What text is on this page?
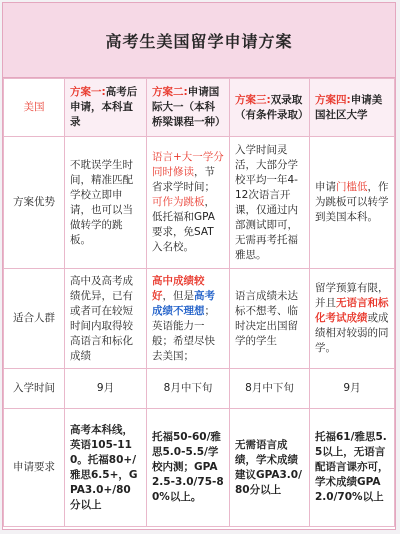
高考生美国留学申请方案
美国	方案一:高考后申请，本科直录	方案二:申请国际大一（本科桥梁课程一种）	方案三:双录取（有条件录取）	方案四:申请美国社区大学
方案优势	不耽误学生时间，精准匹配学校立即申请，也可以当做转学的跳板。	语言+大一学分同时修读，节省求学时间；可作为跳板，低托福和GPA要求，免SAT入名校。	入学时间灵活，大部分学校平均一年4-12次语言开课，仅通过内部测试即可，无需再考托福雅思。	申请门槛低，作为跳板可以转学到美国本科。
适合人群	高中及高考成绩优异，已有或者可在较短时间内取得较高语言和标化成绩	高中成绩较好，但是高考成绩不理想；英语能力一般；希望尽快去美国；	语言成绩未达标不想考、临时决定出国留学的学生	留学预算有限，并且无语言和标化考试成绩或成绩相对较弱的同学。
入学时间	9月	8月中下旬	8月中下旬	9月
申请要求	高考本科线，英语105-110。托福80+/雅思6.5+，GPA3.0+/80分以上	托福50-60/雅思5.0-5.5/学校内测；GPA2.5-3.0/75-80%以上。	无需语言成绩，学术成绩建议GPA3.0/80分以上	托福61/雅思5.5以上，无语言配语言课亦可，学术成绩GPA2.0/70%以上
